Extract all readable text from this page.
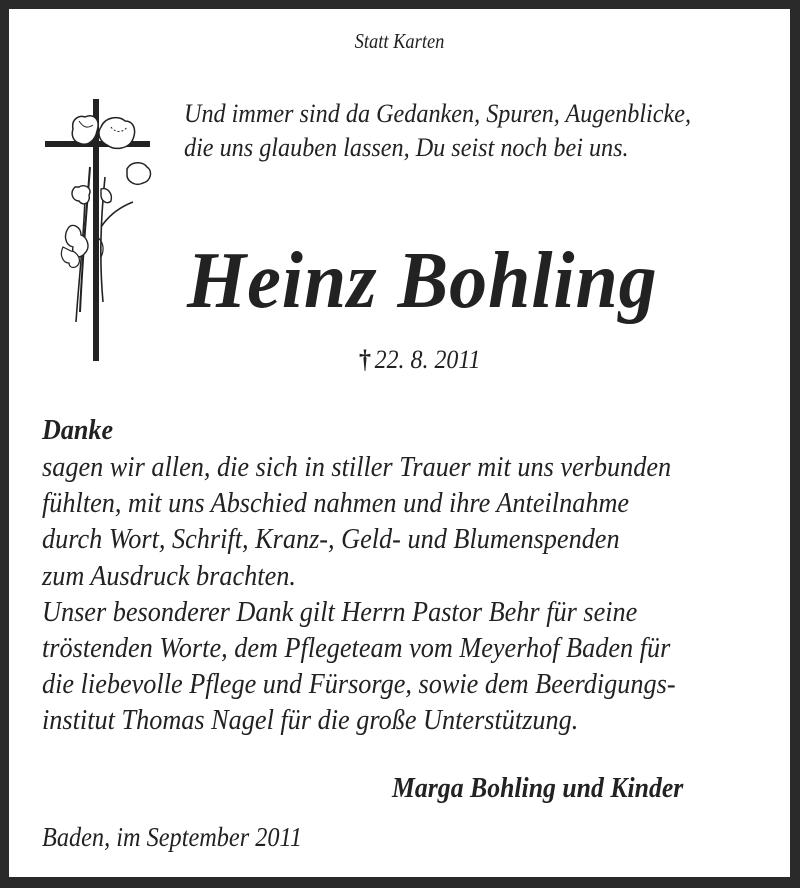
Statt Karten
Und immer sind da Gedanken, Spuren, Augenblicke,
die uns glauben lassen, Du seist noch bei uns.
Heinz Bohling
† 22. 8. 2011
Danke
sagen wir allen, die sich in stiller Trauer mit uns verbunden
fühlten, mit uns Abschied nahmen und ihre Anteilnahme
durch Wort, Schrift, Kranz-, Geld- und Blumenspenden
zum Ausdruck brachten.
Unser besonderer Dank gilt Herrn Pastor Behr für seine
tröstenden Worte, dem Pflegeteam vom Meyerhof Baden für
die liebevolle Pflege und Fürsorge, sowie dem Beerdigungs-
institut Thomas Nagel für die große Unterstützung.
Marga Bohling und Kinder
Baden, im September 2011
